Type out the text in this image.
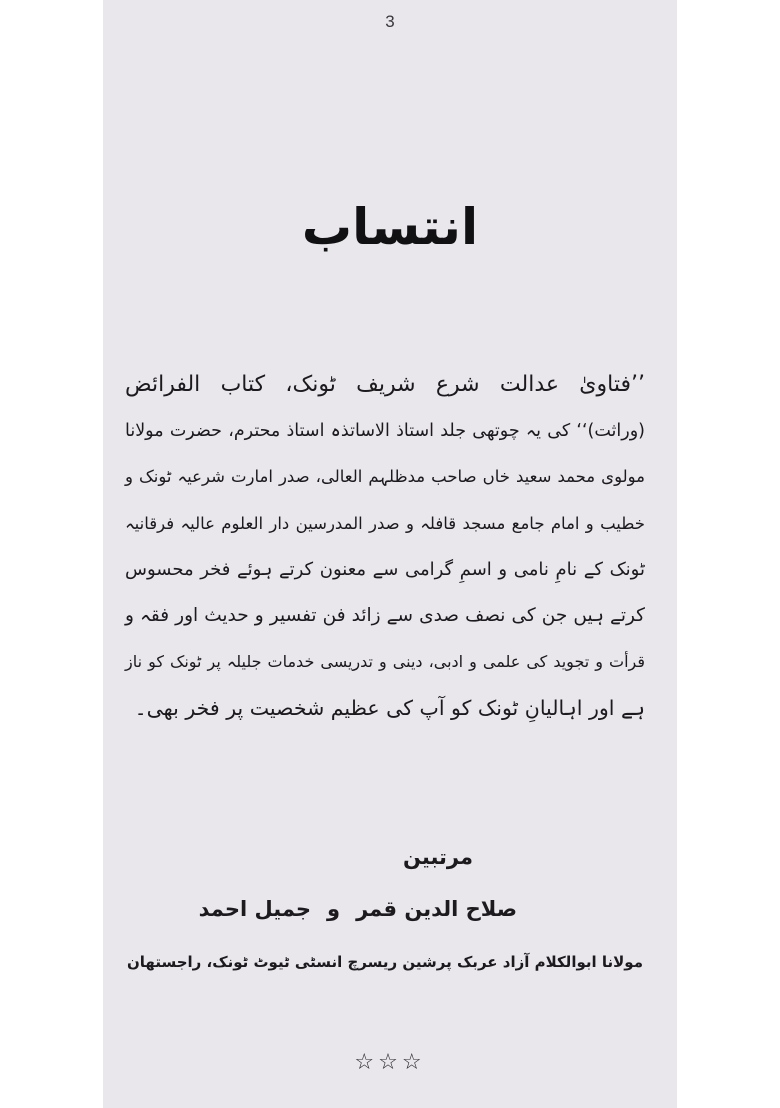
3
انتساب
’’فتاویٰ عدالت شرع شریف ٹونک، کتاب الفرائض
(وراثت)‘‘ کی یہ چوتھی جلد استاذ الاساتذہ استاذ محترم، حضرت مولانا
مولوی محمد سعید خاں صاحب مدظلہم العالی، صدر امارت شرعیہ ٹونک و
خطیب و امام جامع مسجد قافلہ و صدر المدرسین دار العلوم عالیہ فرقانیہ
ٹونک کے نامِ نامی و اسمِ گرامی سے معنون کرتے ہوئے فخر محسوس
کرتے ہیں جن کی نصف صدی سے زائد فن تفسیر و حدیث اور فقہ و
قرأت و تجوید کی علمی و ادبی، دینی و تدریسی خدمات جلیلہ پر ٹونک کو ناز
ہے اور اہالیانِ ٹونک کو آپ کی عظیم شخصیت پر فخر بھی۔
مرتبین
صلاح الدین قمر
و
جمیل احمد
مولانا ابوالکلام آزاد عربک پرشین ریسرچ انسٹی ٹیوٹ ٹونک، راجستھان
☆☆☆
